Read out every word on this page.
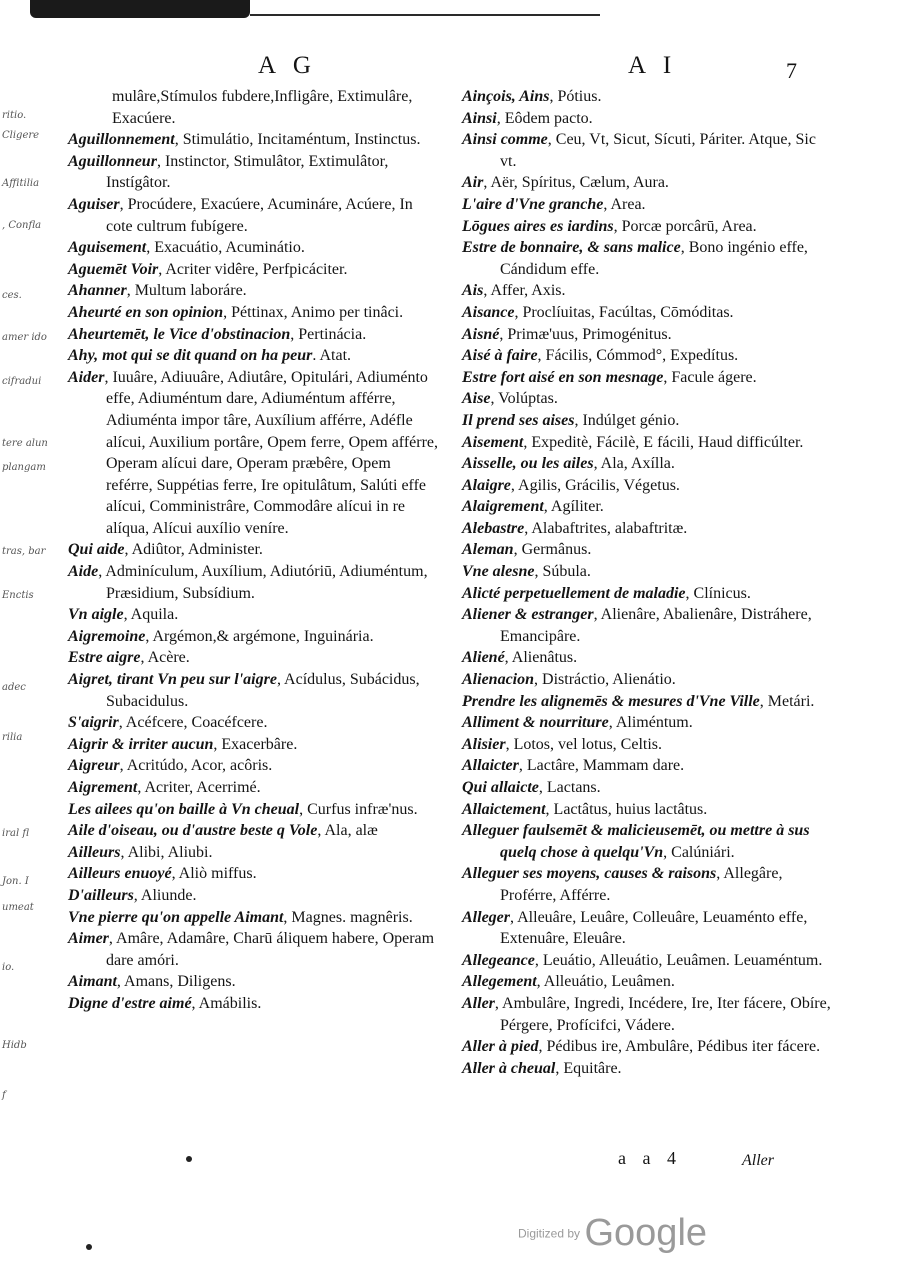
A G	A I	7
ritio.
Cligere
Affitilia
, Confla
ces.
amer ido
cifradui
tere alun
plangam
tras, bar
Enctis
adec
rilia
iral fl
Jon. I
umeat
io.
Hidb
f

mulâre,Stímulos fubdere,Infligâre, Extimulâre, Exacúere.

Aguillonnement, Stimulátio, Incitaméntum, Instinctus.

Aguillonneur, Instinctor, Stimulâtor, Extimulâtor, Instígâtor.

Aguiser, Procúdere, Exacúere, Acumináre, Acúere, In cote cultrum fubígere.

Aguisement, Exacuátio, Acuminátio.

Aguemēt Voir, Acriter vidêre, Perfpicáciter.

Ahanner, Multum laboráre.

Aheurté en son opinion, Péttinax, Animo per tinâci.

Aheurtemēt, le Vice d'obstinacion, Pertinácia.

Ahy, mot qui se dit quand on ha peur. Atat.

Aider, Iuuâre, Adiuuâre, Adiutâre, Opitulári, Adiuménto effe, Adiuméntum dare, Adiuméntum afférre, Adiuménta impor târe, Auxílium afférre, Adéfle alícui, Auxilium portâre, Opem ferre, Opem afférre, Operam alícui dare, Operam præbêre, Opem reférre, Suppétias ferre, Ire opitulâtum, Salúti effe alícui, Comministrâre, Commodâre alícui in re alíqua, Alícui auxílio veníre.

Qui aide, Adiûtor, Administer.

Aide, Adminículum, Auxílium, Adiutóriū, Adiuméntum, Præsidium, Subsídium.

Vn aigle, Aquila.

Aigremoine, Argémon,& argémone, Inguinária.

Estre aigre, Acère.

Aigret, tirant Vn peu sur l'aigre, Acídulus, Subácidus, Subacidulus.

S'aigrir, Acéfcere, Coacéfcere.

Aigrir & irriter aucun, Exacerbâre.

Aigreur, Acritúdo, Acor, acôris.

Aigrement, Acriter, Acerrimé.

Les ailees qu'on baille à Vn cheual, Curfus infræ'nus.

Aile d'oiseau, ou d'austre beste q Vole, Ala, alæ

Ailleurs, Alibi, Aliubi.

Ailleurs enuoyé, Aliò miffus.

D'ailleurs, Aliunde.

Vne pierre qu'on appelle Aimant, Magnes. magnêris.

Aimer, Amâre, Adamâre, Charū áliquem habere, Operam dare amóri.

Aimant, Amans, Diligens.

Digne d'estre aimé, Amábilis.

Ainçois, Ains, Pótius.

Ainsi, Eôdem pacto.

Ainsi comme, Ceu, Vt, Sicut, Sícuti, Páriter. Atque, Sic vt.

Air, Aër, Spíritus, Cælum, Aura.

L'aire d'Vne granche, Area.

Lōgues aires es iardins, Porcæ porcârū, Area.

Estre de bonnaire, & sans malice, Bono ingénio effe, Cándidum effe.

Ais, Affer, Axis.

Aisance, Proclíuitas, Facúltas, Cōmóditas.

Aisné, Primæ'uus, Primogénitus.

Aisé à faire, Fácilis, Cómmod°, Expedítus.

Estre fort aisé en son mesnage, Facule ágere.

Aise, Volúptas.

Il prend ses aises, Indúlget génio.

Aisement, Expeditè, Fácilè, E fácili, Haud difficúlter.

Aisselle, ou les ailes, Ala, Axílla.

Alaigre, Agilis, Grácilis, Végetus.

Alaigrement, Agíliter.

Alebastre, Alabaftrites, alabaftritæ.

Aleman, Germânus.

Vne alesne, Súbula.

Alicté perpetuellement de maladie, Clínicus.

Aliener & estranger, Alienâre, Abalienâre, Distráhere, Emancipâre.

Aliené, Alienâtus.

Alienacion, Distráctio, Alienátio.

Prendre les alignemēs & mesures d'Vne Ville, Metári.

Alliment & nourriture, Aliméntum.

Alisier, Lotos, vel lotus, Celtis.

Allaicter, Lactâre, Mammam dare.

Qui allaicte, Lactans.

Allaictement, Lactâtus, huius lactâtus.

Alleguer faulsemēt & malicieusemēt, ou mettre à sus quelq chose à quelqu'Vn, Calúniári.

Alleguer ses moyens, causes & raisons, Allegâre, Proférre, Afférre.

Alleger, Alleuâre, Leuâre, Colleuâre, Leuaménto effe, Extenuâre, Eleuâre.

Allegeance, Leuátio, Alleuátio, Leuâmen. Leuaméntum.

Allegement, Alleuátio, Leuâmen.

Aller, Ambulâre, Ingredi, Incédere, Ire, Iter fácere, Obíre, Pérgere, Profícifci, Vádere.

Aller à pied, Pédibus ire, Ambulâre, Pédibus iter fácere.

Aller à cheual, Equitâre.

a a 4	Aller
Digitized by Google
